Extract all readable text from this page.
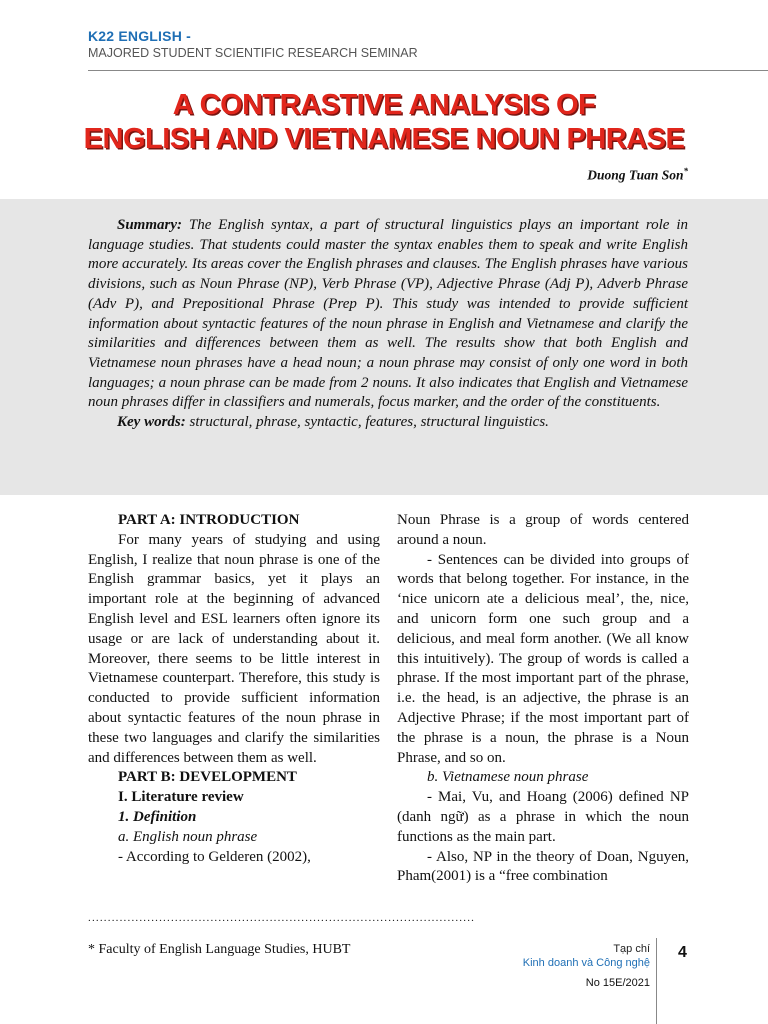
K22 ENGLISH -
MAJORED STUDENT SCIENTIFIC RESEARCH SEMINAR
A CONTRASTIVE ANALYSIS OF
ENGLISH AND VIETNAMESE NOUN PHRASE
Duong Tuan Son*

Summary: The English syntax, a part of structural linguistics plays an important role in language studies. That students could master the syntax enables them to speak and write English more accurately. Its areas cover the English phrases and clauses. The English phrases have various divisions, such as Noun Phrase (NP), Verb Phrase (VP), Adjective Phrase (Adj P), Adverb Phrase (Adv P), and Prepositional Phrase (Prep P). This study was intended to provide sufficient information about syntactic features of the noun phrase in English and Vietnamese and clarify the similarities and differences between them as well. The results show that both English and Vietnamese noun phrases have a head noun; a noun phrase may consist of only one word in both languages; a noun phrase can be made from 2 nouns. It also indicates that English and Vietnamese noun phrases differ in classifiers and numerals, focus marker, and the order of the constituents.

Key words: structural, phrase, syntactic, features, structural linguistics.

PART A: INTRODUCTION

For many years of studying and using English, I realize that noun phrase is one of the English grammar basics, yet it plays an important role at the beginning of advanced English level and ESL learners often ignore its usage or are lack of understanding about it. Moreover, there seems to be little interest in Vietnamese counterpart. Therefore, this study is conducted to provide sufficient information about syntactic features of the noun phrase in these two languages and clarify the similarities and differences between them as well.

PART B: DEVELOPMENT

I. Literature review

1. Definition

a. English noun phrase

- According to Gelderen (2002),

Noun Phrase is a group of words centered around a noun.

- Sentences can be divided into groups of words that belong together. For instance, in the ‘nice unicorn ate a delicious meal’, the, nice, and unicorn form one such group and a delicious, and meal form another. (We all know this intuitively). The group of words is called a phrase. If the most important part of the phrase, i.e. the head, is an adjective, the phrase is an Adjective Phrase; if the most important part of the phrase is a noun, the phrase is a Noun Phrase, and so on.

b. Vietnamese noun phrase

- Mai, Vu, and Hoang (2006) defined NP (danh ngữ) as a phrase in which the noun functions as the main part.

- Also, NP in the theory of Doan, Nguyen, Pham(2001) is a “free combination

..................................................................................................
* Faculty of English Language Studies, HUBT	Tạp chí
Kinh doanh và Công nghệ
No 15E/2021
4
